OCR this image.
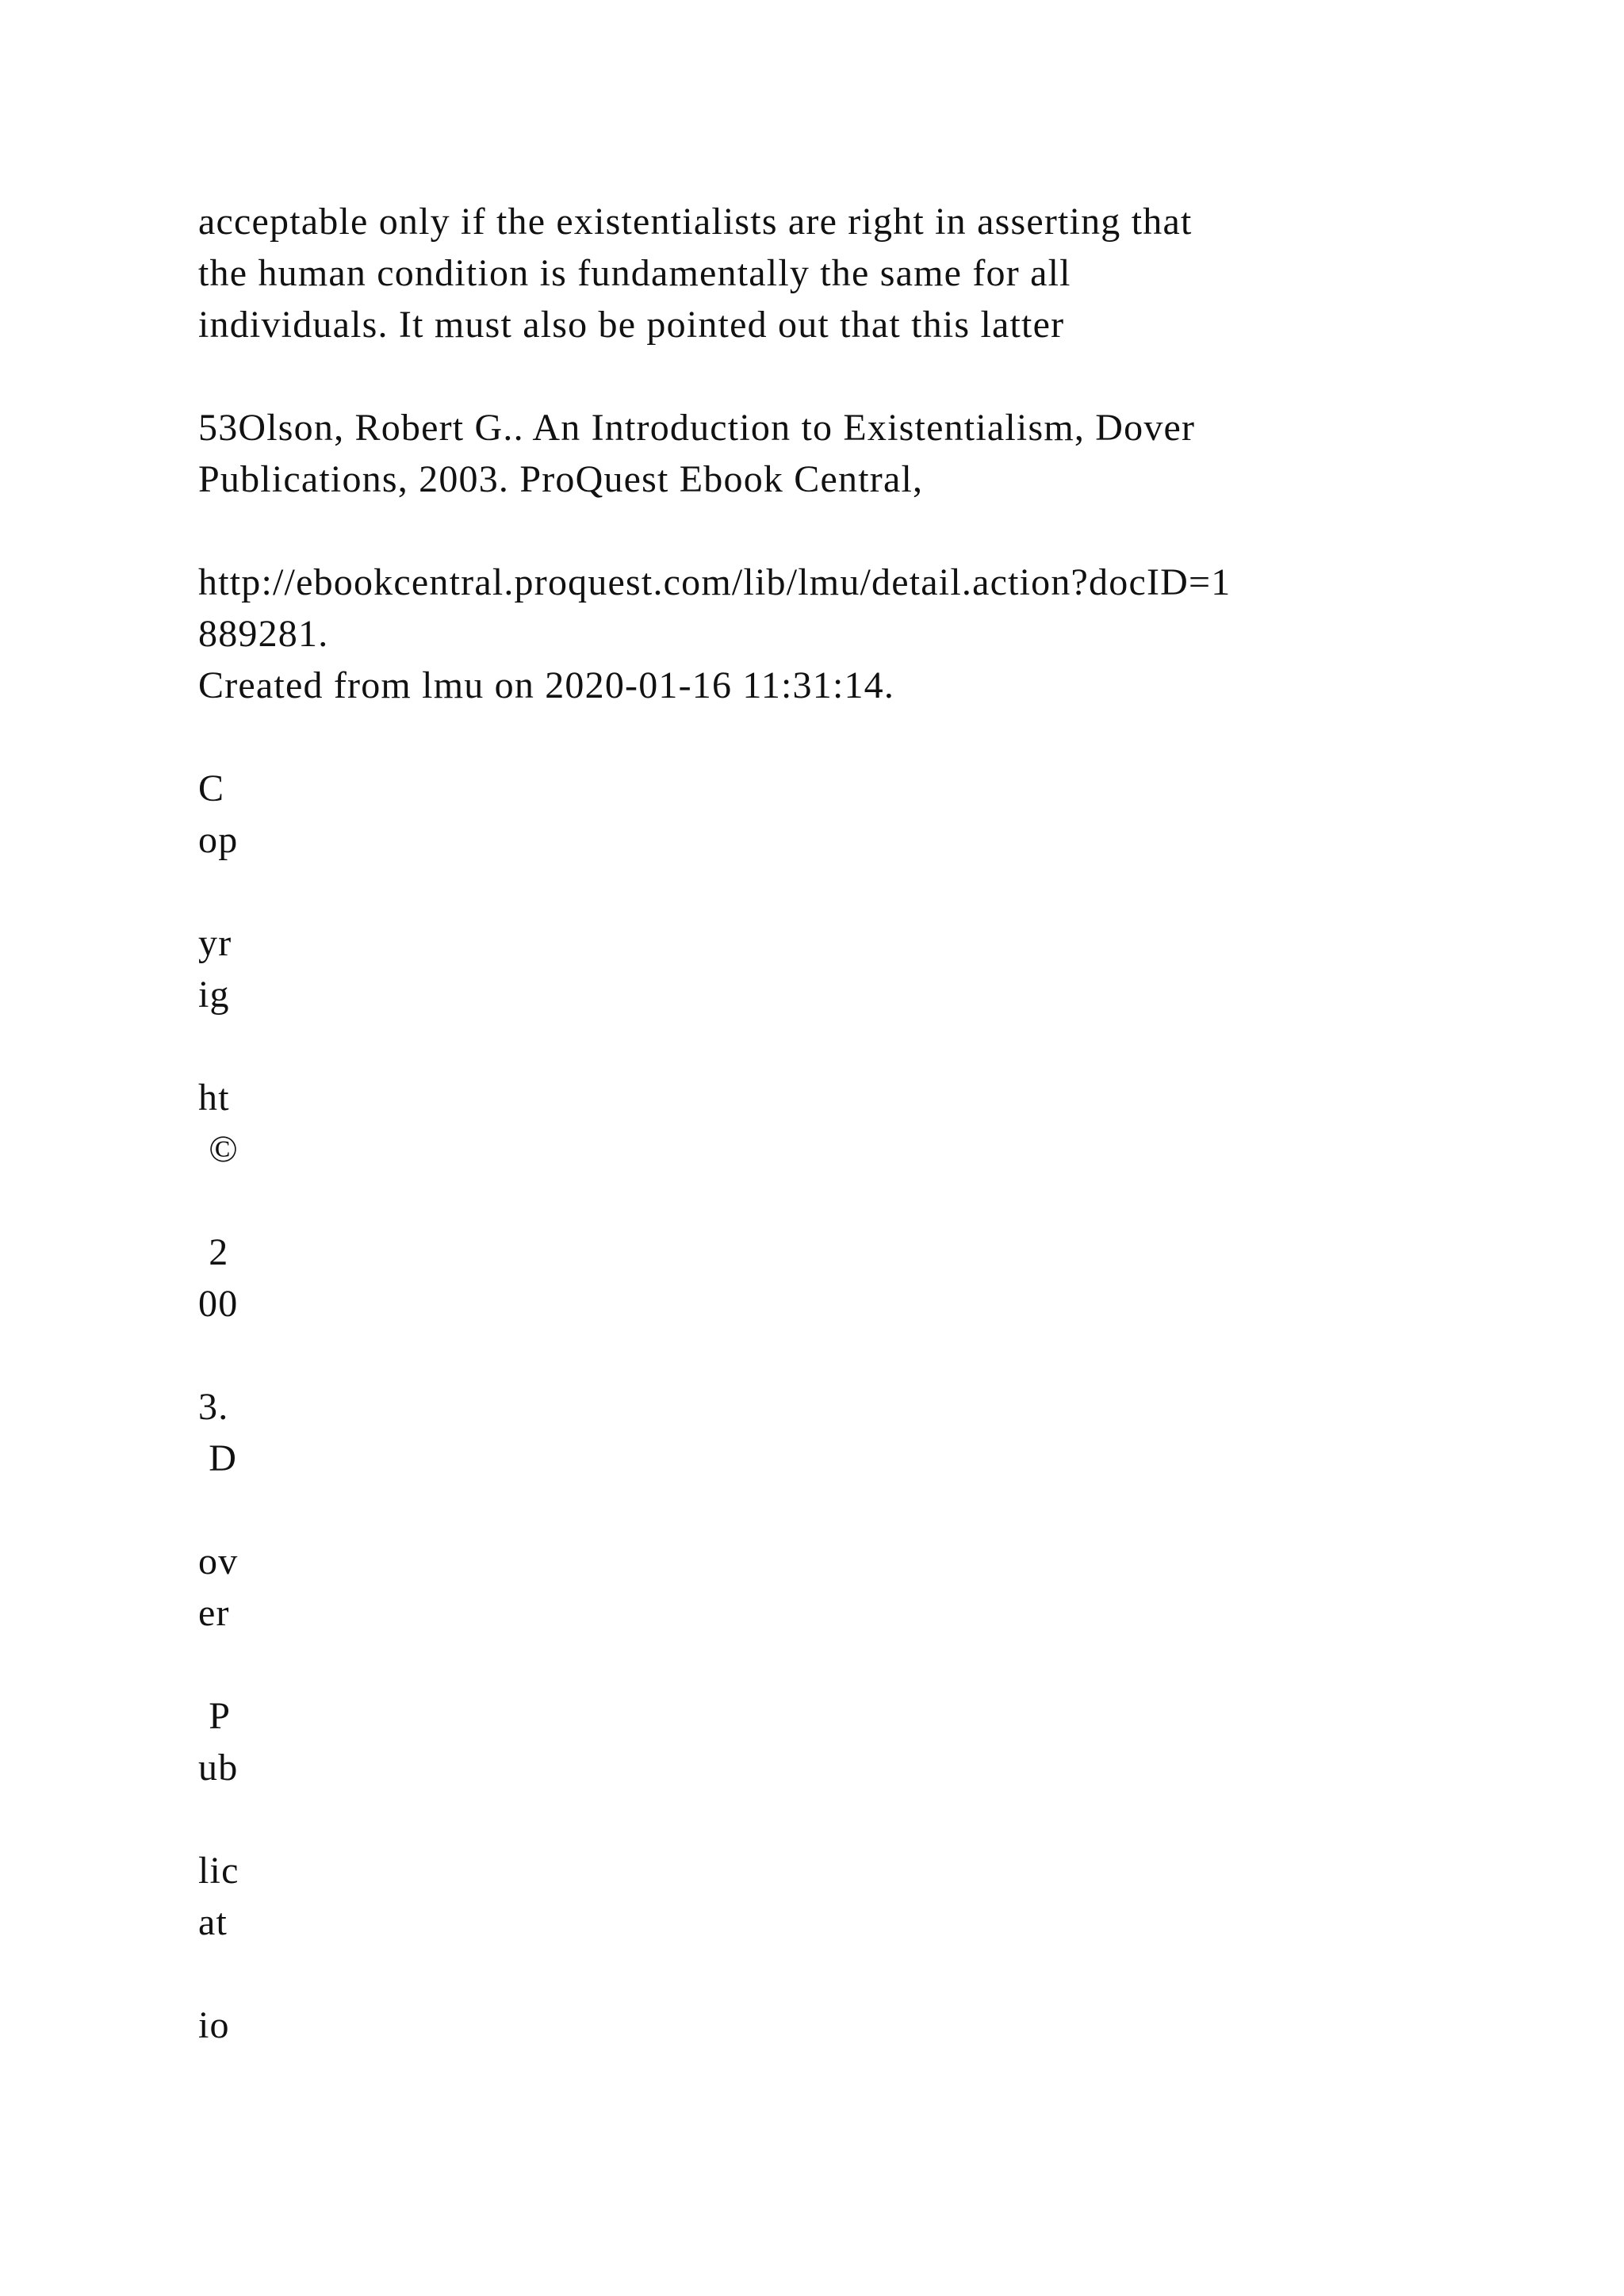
acceptable only if the existentialists are right in asserting that

the human condition is fundamentally the same for all

individuals. It must also be pointed out that this latter

53Olson, Robert G.. An Introduction to Existentialism, Dover

Publications, 2003. ProQuest Ebook Central,

http://ebookcentral.proquest.com/lib/lmu/detail.action?docID=1

889281.

Created from lmu on 2020-01-16 11:31:14.

C

op

yr

ig

ht

©

2

00

3.

D

ov

er

P

ub

lic

at

io
